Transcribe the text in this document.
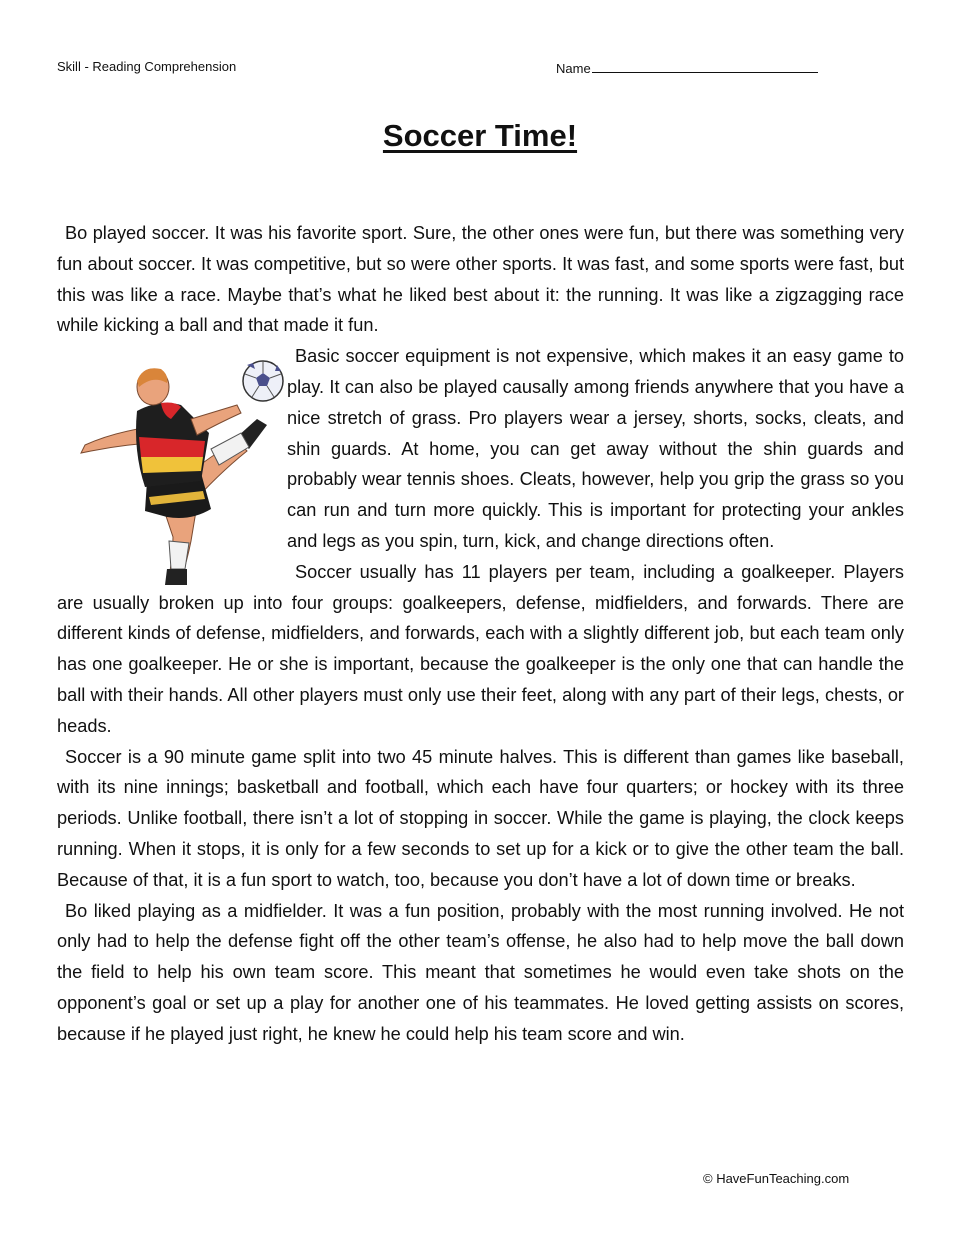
Skill - Reading Comprehension	Name
Soccer Time!

Bo played soccer. It was his favorite sport. Sure, the other ones were fun, but there was something very fun about soccer. It was competitive, but so were other sports. It was fast, and some sports were fast, but this was like a race. Maybe that’s what he liked best about it: the running. It was like a zigzagging race while kicking a ball and that made it fun.

Basic soccer equipment is not expensive, which makes it an easy game to play. It can also be played causally among friends anywhere that you have a nice stretch of grass. Pro players wear a jersey, shorts, socks, cleats, and shin guards. At home, you can get away without the shin guards and probably wear tennis shoes. Cleats, however, help you grip the grass so you can run and turn more quickly. This is important for protecting your ankles and legs as you spin, turn, kick, and change directions often.

Soccer usually has 11 players per team, including a goalkeeper. Players are usually broken up into four groups: goalkeepers, defense, midfielders, and forwards. There are different kinds of defense, midfielders, and forwards, each with a slightly different job, but each team only has one goalkeeper. He or she is important, because the goalkeeper is the only one that can handle the ball with their hands. All other players must only use their feet, along with any part of their legs, chests, or heads.

Soccer is a 90 minute game split into two 45 minute halves. This is different than games like baseball, with its nine innings; basketball and football, which each have four quarters; or hockey with its three periods. Unlike football, there isn’t a lot of stopping in soccer. While the game is playing, the clock keeps running. When it stops, it is only for a few seconds to set up for a kick or to give the other team the ball. Because of that, it is a fun sport to watch, too, because you don’t have a lot of down time or breaks.

Bo liked playing as a midfielder. It was a fun position, probably with the most running involved. He not only had to help the defense fight off the other team’s offense, he also had to help move the ball down the field to help his own team score. This meant that sometimes he would even take shots on the opponent’s goal or set up a play for another one of his teammates. He loved getting assists on scores, because if he played just right, he knew he could help his team score and win.

© HaveFunTeaching.com
